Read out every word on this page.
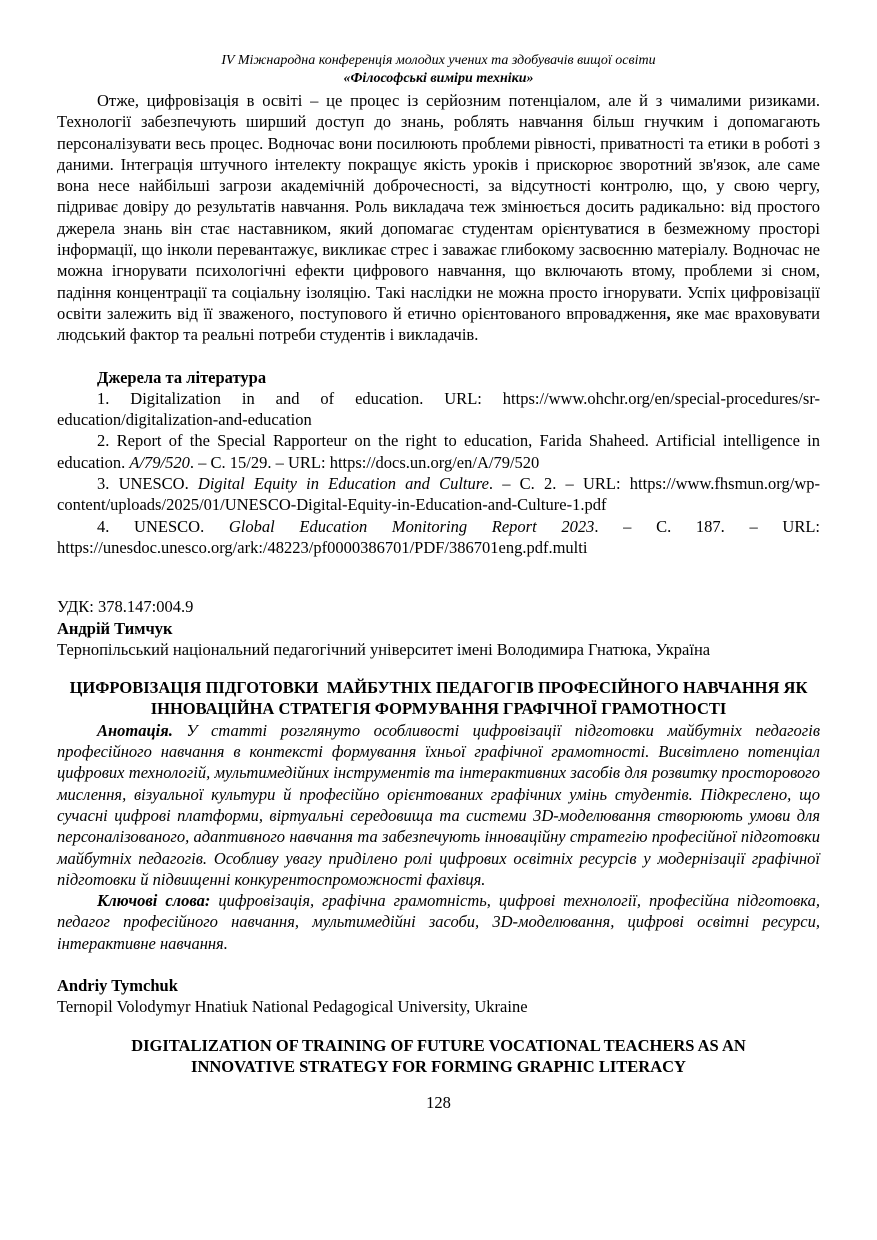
IV Міжнародна конференція молодих учених та здобувачів вищої освіти
«Філософські виміри техніки»

Отже, цифровізація в освіті – це процес із серйозним потенціалом, але й з чималими ризиками. Технології забезпечують ширший доступ до знань, роблять навчання більш гнучким і допомагають персоналізувати весь процес. Водночас вони посилюють проблеми рівності, приватності та етики в роботі з даними. Інтеграція штучного інтелекту покращує якість уроків і прискорює зворотний зв'язок, але саме вона несе найбільші загрози академічній доброчесності, за відсутності контролю, що, у свою чергу, підриває довіру до результатів навчання. Роль викладача теж змінюється досить радикально: від простого джерела знань він стає наставником, який допомагає студентам орієнтуватися в безмежному просторі інформації, що інколи перевантажує, викликає стрес і заважає глибокому засвоєнню матеріалу. Водночас не можна ігнорувати психологічні ефекти цифрового навчання, що включають втому, проблеми зі сном, падіння концентрації та соціальну ізоляцію. Такі наслідки не можна просто ігнорувати. Успіх цифровізації освіти залежить від її зваженого, поступового й етично орієнтованого впровадження, яке має враховувати людський фактор та реальні потреби студентів і викладачів.

Джерела та література

1. Digitalization in and of education. URL: https://www.ohchr.org/en/special-procedures/sr-education/digitalization-and-education

2. Report of the Special Rapporteur on the right to education, Farida Shaheed. Artificial intelligence in education. A/79/520. – С. 15/29. – URL: https://docs.un.org/en/A/79/520

3. UNESCO. Digital Equity in Education and Culture. – С. 2. – URL: https://www.fhsmun.org/wp-content/uploads/2025/01/UNESCO-Digital-Equity-in-Education-and-Culture-1.pdf

4. UNESCO. Global Education Monitoring Report 2023. – С. 187. – URL: https://unesdoc.unesco.org/ark:/48223/pf0000386701/PDF/386701eng.pdf.multi

УДК: 378.147:004.9

Андрій Тимчук

Тернопільський національний педагогічний університет імені Володимира Гнатюка, Україна

ЦИФРОВІЗАЦІЯ ПІДГОТОВКИ  МАЙБУТНІХ ПЕДАГОГІВ ПРОФЕСІЙНОГО НАВЧАННЯ ЯК ІННОВАЦІЙНА СТРАТЕГІЯ ФОРМУВАННЯ ГРАФІЧНОЇ ГРАМОТНОСТІ

Анотація. У статті розглянуто особливості цифровізації підготовки майбутніх педагогів професійного навчання в контексті формування їхньої графічної грамотності. Висвітлено потенціал цифрових технологій, мультимедійних інструментів та інтерактивних засобів для розвитку просторового мислення, візуальної культури й професійно орієнтованих графічних умінь студентів. Підкреслено, що сучасні цифрові платформи, віртуальні середовища та системи 3D-моделювання створюють умови для персоналізованого, адаптивного навчання та забезпечують інноваційну стратегію професійної підготовки майбутніх педагогів. Особливу увагу приділено ролі цифрових освітніх ресурсів у модернізації графічної підготовки й підвищенні конкурентоспроможності фахівця.

Ключові слова: цифровізація, графічна грамотність, цифрові технології, професійна підготовка, педагог професійного навчання, мультимедійні засоби, 3D-моделювання, цифрові освітні ресурси, інтерактивне навчання.

Andriy Tymchuk

Ternopil Volodymyr Hnatiuk National Pedagogical University, Ukraine

DIGITALIZATION OF TRAINING OF FUTURE VOCATIONAL TEACHERS AS AN INNOVATIVE STRATEGY FOR FORMING GRAPHIC LITERACY

128
